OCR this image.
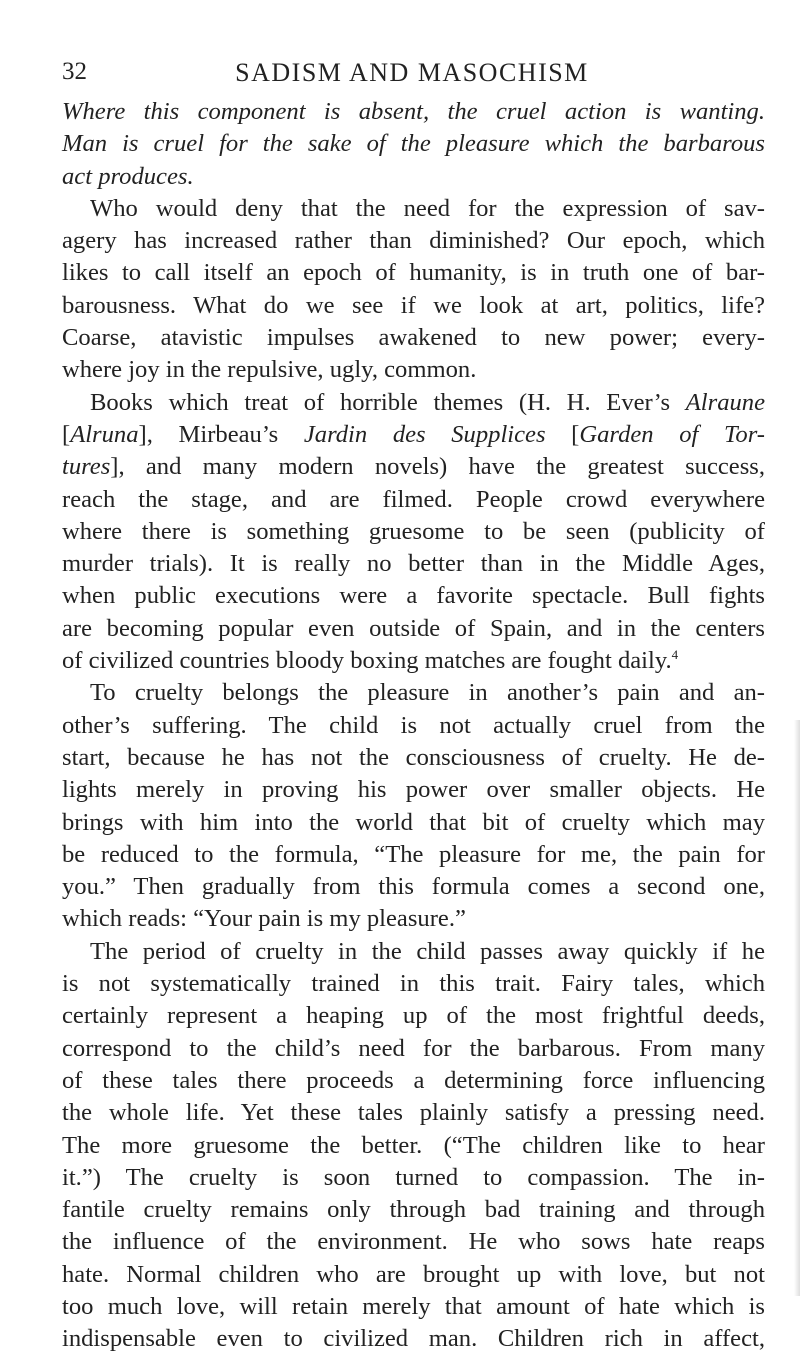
32	SADISM AND MASOCHISM
Where this component is absent, the cruel action is wanting.
Man is cruel for the sake of the pleasure which the barbarous
act produces.
Who would deny that the need for the expression of sav-
agery has increased rather than diminished? Our epoch, which
likes to call itself an epoch of humanity, is in truth one of bar-
barousness. What do we see if we look at art, politics, life?
Coarse, atavistic impulses awakened to new power; every-
where joy in the repulsive, ugly, common.
Books which treat of horrible themes (H. H. Ever’s Alraune
[Alruna], Mirbeau’s Jardin des Supplices [Garden of Tor-
tures], and many modern novels) have the greatest success,
reach the stage, and are filmed. People crowd everywhere
where there is something gruesome to be seen (publicity of
murder trials). It is really no better than in the Middle Ages,
when public executions were a favorite spectacle. Bull fights
are becoming popular even outside of Spain, and in the centers
of civilized countries bloody boxing matches are fought daily.$^4$
To cruelty belongs the pleasure in another’s pain and an-
other’s suffering. The child is not actually cruel from the
start, because he has not the consciousness of cruelty. He de-
lights merely in proving his power over smaller objects. He
brings with him into the world that bit of cruelty which may
be reduced to the formula, “The pleasure for me, the pain for
you.” Then gradually from this formula comes a second one,
which reads: “Your pain is my pleasure.”
The period of cruelty in the child passes away quickly if he
is not systematically trained in this trait. Fairy tales, which
certainly represent a heaping up of the most frightful deeds,
correspond to the child’s need for the barbarous. From many
of these tales there proceeds a determining force influencing
the whole life. Yet these tales plainly satisfy a pressing need.
The more gruesome the better. (“The children like to hear
it.”) The cruelty is soon turned to compassion. The in-
fantile cruelty remains only through bad training and through
the influence of the environment. He who sows hate reaps
hate. Normal children who are brought up with love, but not
too much love, will retain merely that amount of hate which is
indispensable even to civilized man. Children rich in affect,
